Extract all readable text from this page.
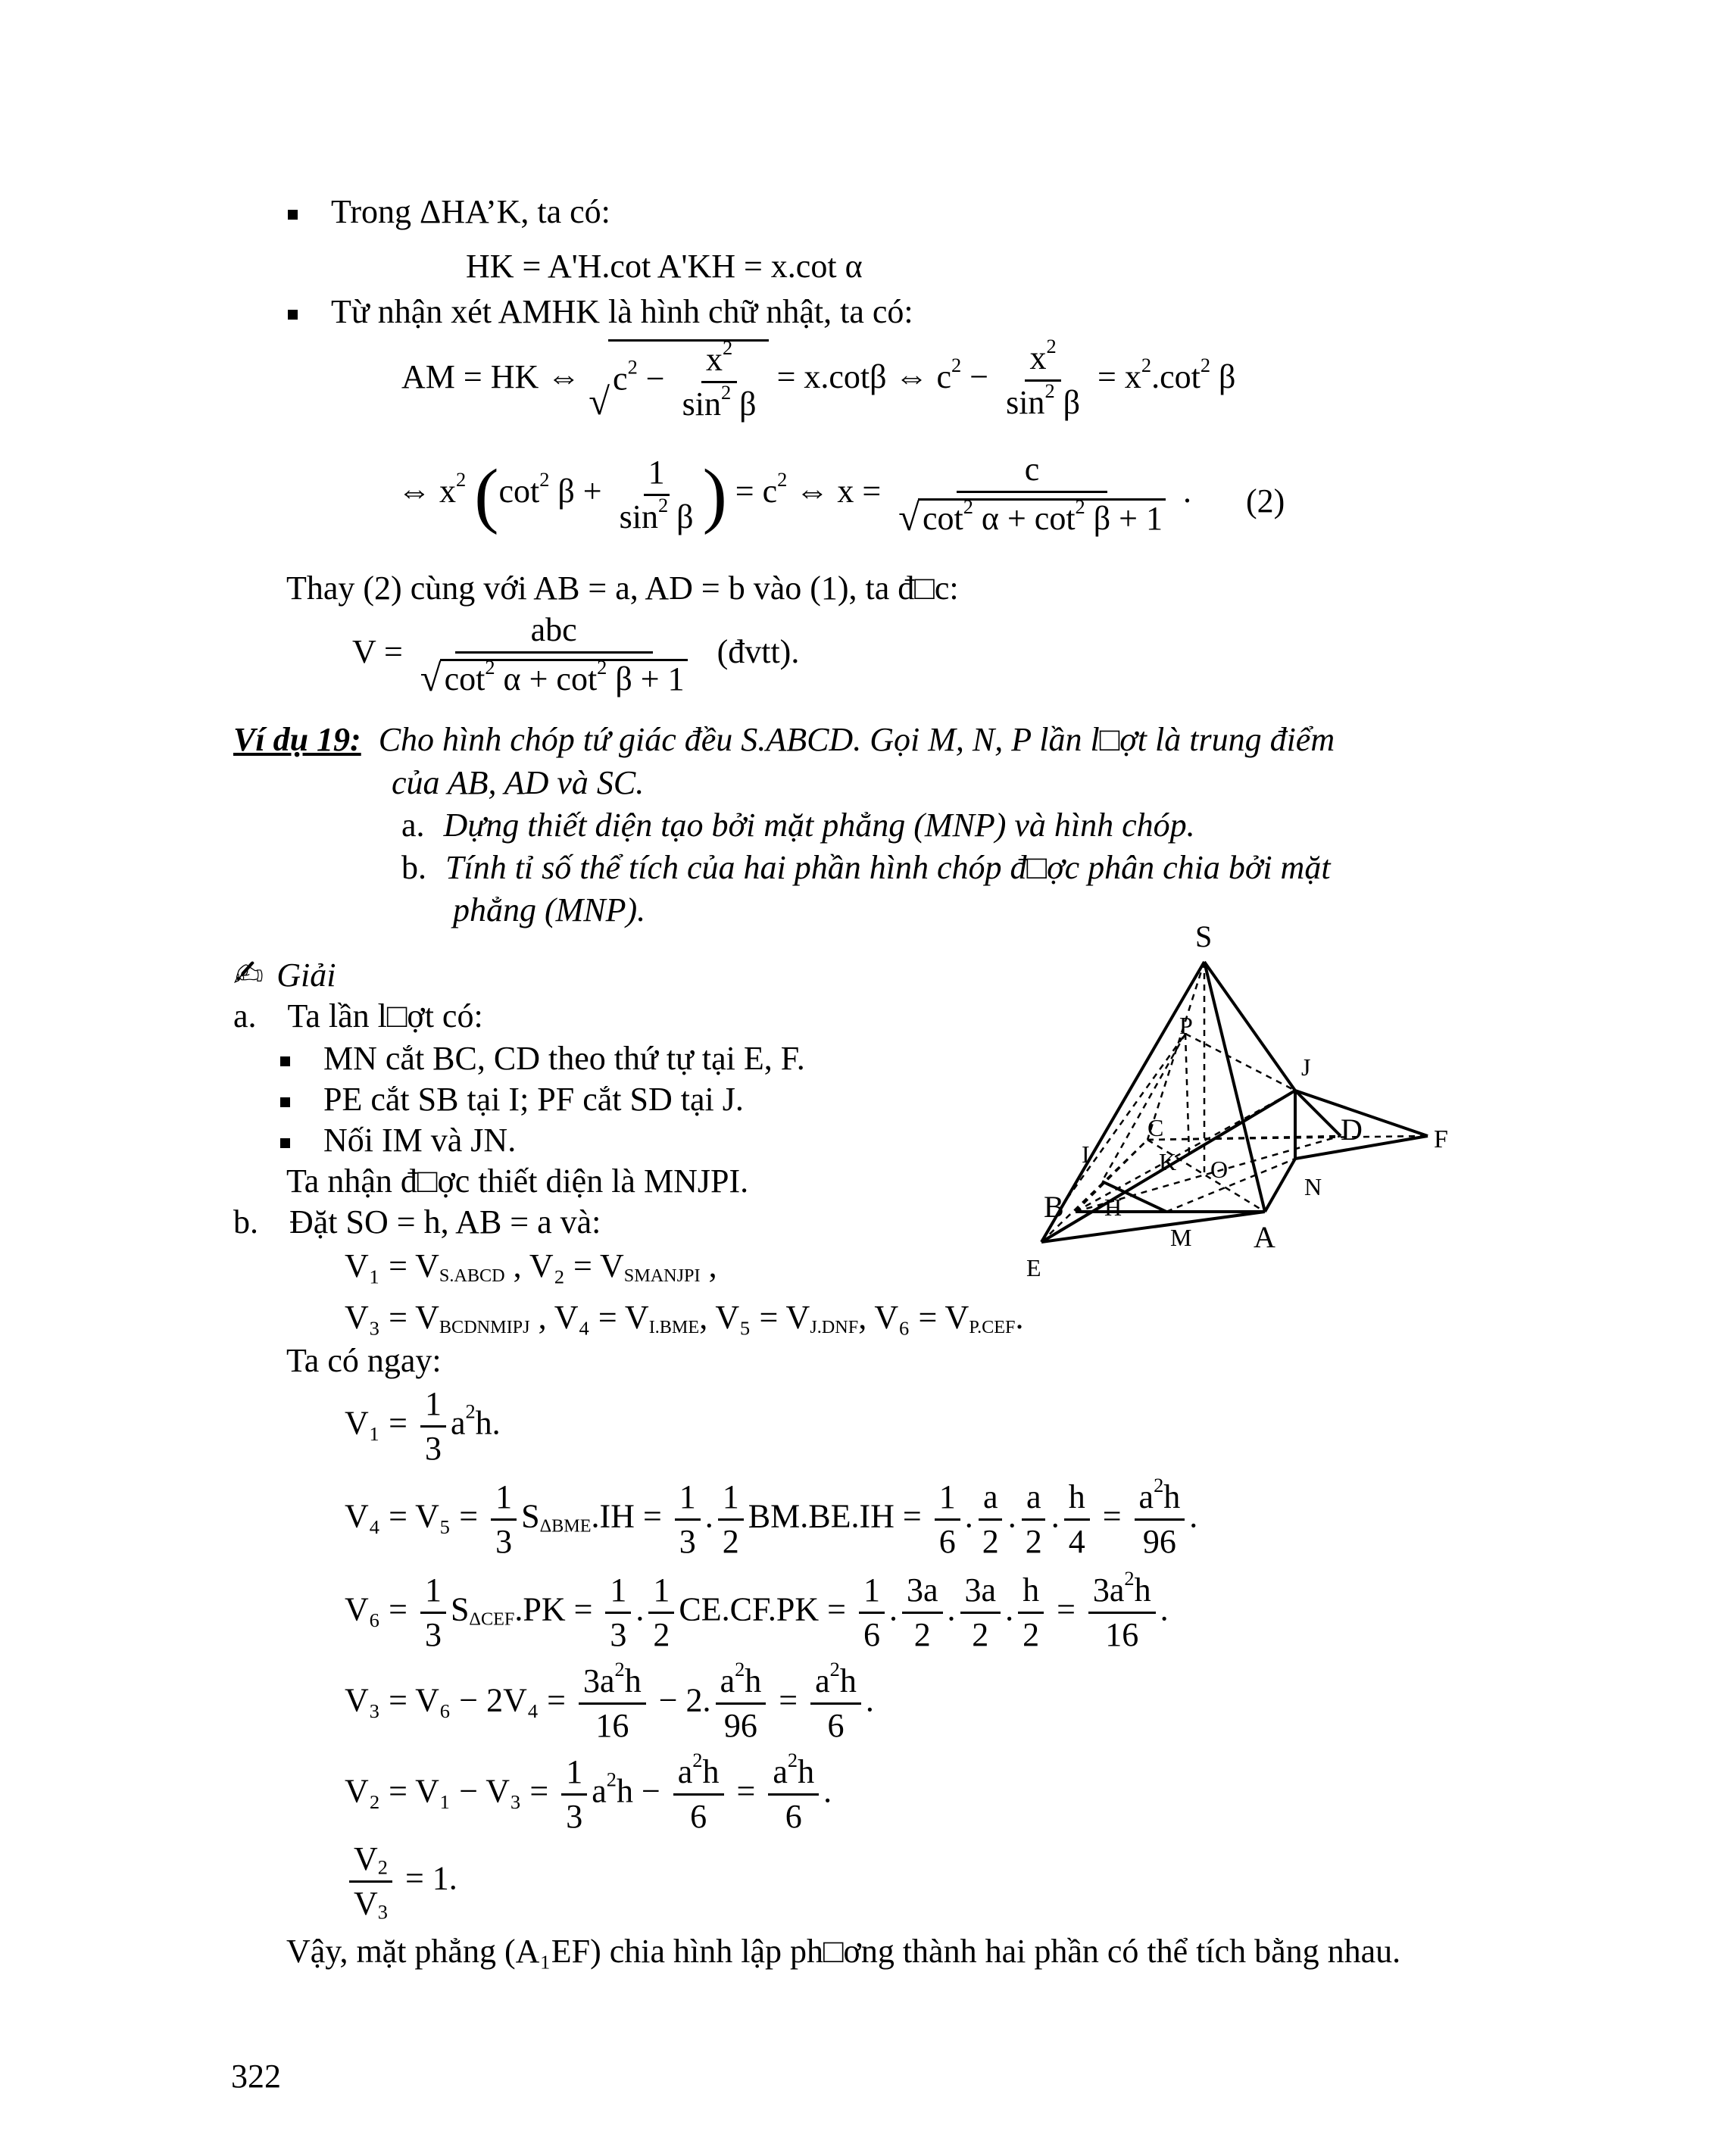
Trong ΔHA’K, ta có:
HK = A'H.cot A'KH = x.cot α
Từ nhận xét AMHK là hình chữ nhật, ta có:
AM = HK ⇔
√
$c^2 - \frac{x^2}{\sin^2 \beta} = x.\cot\beta$ ⇔ $c^2 - \frac{x^2}{\sin^2 \beta} = x^2.\cot^2$ β
⇔ $x^2$ ($\cot^2$ $\beta + \frac{1}{\sin^2 \beta}$ ) = $c^2$ ⇔ $x = \frac{c}{√ \cot^2 \alpha + \cot^2 \beta + 1}$ . (2)
Thay (2) cùng với AB = a, AD = b vào (1), ta đ□c:
$V = \frac{\text{abc}}{√ \cot^2 \alpha + \cot^2 \beta + 1}$ (đvtt).
Ví dụ 19: Cho hình chóp tứ giác đều S.ABCD. Gọi M, N, P lần l□ợt là trung điểm
của AB, AD và SC.
a. Dựng thiết diện tạo bởi mặt phẳng (MNP) và hình chóp.
b. Tính tỉ số thể tích của hai phần hình chóp đ□ợc phân chia bởi mặt
phẳng (MNP).
✍ Giải
a. Ta lần l□ợt có:
MN cắt BC, CD theo thứ tự tại E, F.
PE cắt SB tại I; PF cắt SD tại J.
Nối IM và JN.
Ta nhận đ□ợc thiết diện là MNJPI.
b. Đặt SO = h, AB = a và:
V₁ = VS.ABCD , V₂ = VSMANJPI ,
V₃ = VBCDNMIPJ , V₄ = VI.BME, V₅ = VJ.DNF, V₆ = VP.CEF.
Ta có ngay:
$V_1 = \frac{1}{3} a^2h$.
$V_4 = V_5 = \frac{1}{3} S\Delta BME.IH = \frac{1}{3}$ . $\frac{1}{2} BM.BE.IH = \frac{1}{6}$ . $\frac{a}{2}$ . $\frac{a}{2}$ . $\frac{h}{4} = \frac{a^2h}{96}$ .
$V_6 = \frac{1}{3} S\Delta CEF.PK = \frac{1}{3}$ . $\frac{1}{2} CE.CF.PK = \frac{1}{6}$ . $\frac{3a}{2}$ . $\frac{3a}{2}$ . $\frac{h}{2} = \frac{3a^2h}{16}$ .
$V_3 = V_6 - 2V_4 = \frac{3a^2h}{16} - 2$. $\frac{a^2h}{96} = \frac{a^2h}{6}$ .
$V_2 = V_1 - V_3 = \frac{1}{3} a^2h - \frac{a^2h}{6} = \frac{a^2h}{6}$ .
$\frac{V_2}{V_3} = 1$.
Vậy, mặt phẳng (A₁EF) chia hình lập ph□ơng thành hai phần có thể tích bằng nhau.
322
S
P
J
C	D	F
I	K O
N
B H
M A
E
